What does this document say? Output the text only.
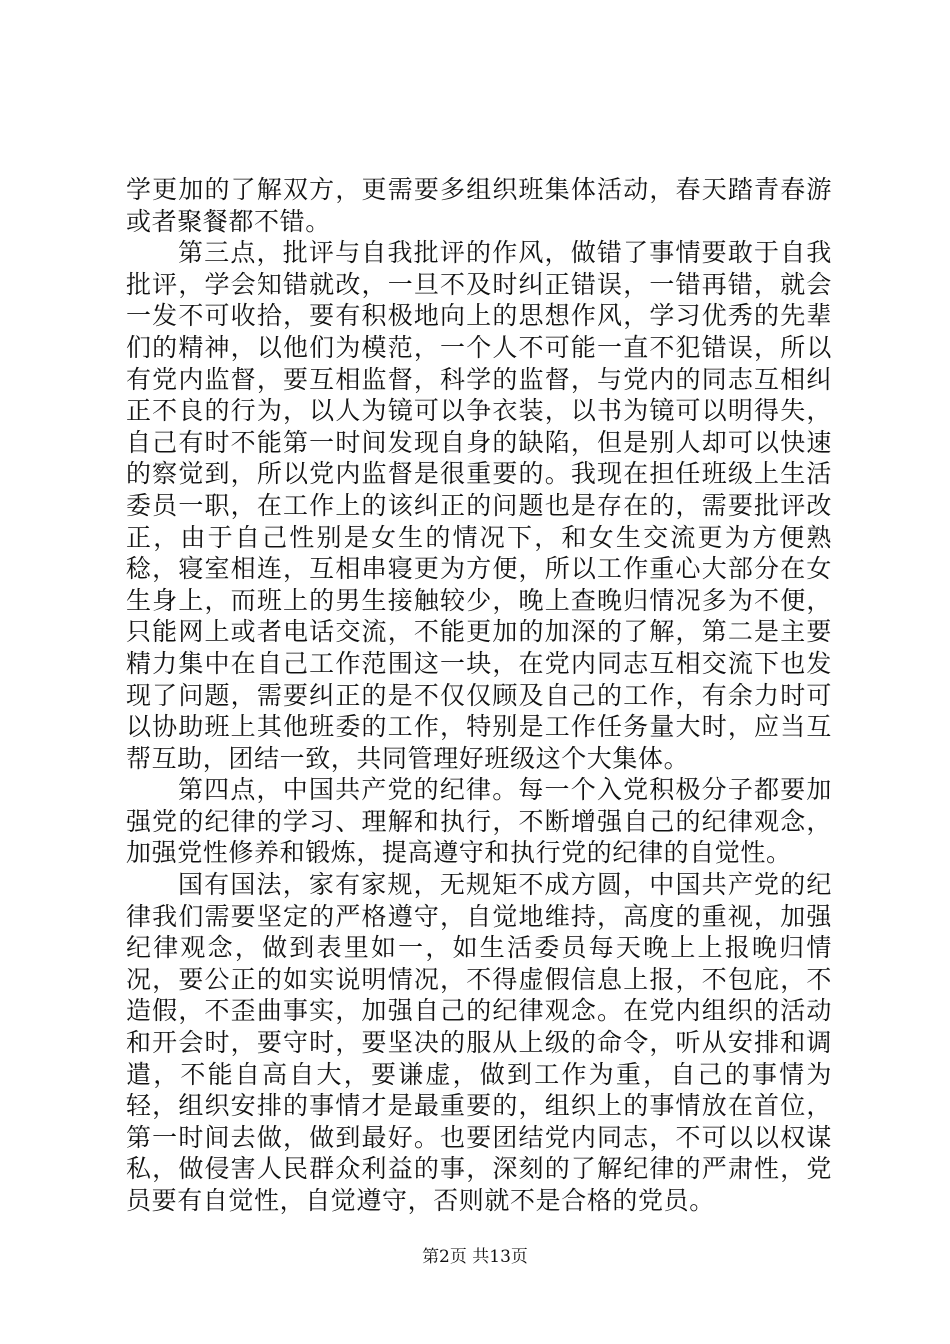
学更加的了解双方，更需要多组织班集体活动，春天踏青春游或者聚餐都不错。

第三点，批评与自我批评的作风，做错了事情要敢于自我批评，学会知错就改，一旦不及时纠正错误，一错再错，就会一发不可收拾，要有积极地向上的思想作风，学习优秀的先辈们的精神，以他们为模范，一个人不可能一直不犯错误，所以有党内监督，要互相监督，科学的监督，与党内的同志互相纠正不良的行为，以人为镜可以争衣装，以书为镜可以明得失，自己有时不能第一时间发现自身的缺陷，但是别人却可以快速的察觉到，所以党内监督是很重要的。我现在担任班级上生活委员一职，在工作上的该纠正的问题也是存在的，需要批评改正，由于自己性别是女生的情况下，和女生交流更为方便熟稔，寝室相连，互相串寝更为方便，所以工作重心大部分在女生身上，而班上的男生接触较少，晚上查晚归情况多为不便，只能网上或者电话交流，不能更加的加深的了解，第二是主要精力集中在自己工作范围这一块，在党内同志互相交流下也发现了问题，需要纠正的是不仅仅顾及自己的工作，有余力时可以协助班上其他班委的工作，特别是工作任务量大时，应当互帮互助，团结一致，共同管理好班级这个大集体。

第四点，中国共产党的纪律。每一个入党积极分子都要加强党的纪律的学习、理解和执行，不断增强自己的纪律观念，加强党性修养和锻炼，提高遵守和执行党的纪律的自觉性。

国有国法，家有家规，无规矩不成方圆，中国共产党的纪律我们需要坚定的严格遵守，自觉地维持，高度的重视，加强纪律观念，做到表里如一，如生活委员每天晚上上报晚归情况，要公正的如实说明情况，不得虚假信息上报，不包庇，不造假，不歪曲事实，加强自己的纪律观念。在党内组织的活动和开会时，要守时，要坚决的服从上级的命令，听从安排和调遣，不能自高自大，要谦虚，做到工作为重，自己的事情为轻，组织安排的事情才是最重要的，组织上的事情放在首位，第一时间去做，做到最好。也要团结党内同志，不可以以权谋私，做侵害人民群众利益的事，深刻的了解纪律的严肃性，党员要有自觉性，自觉遵守，否则就不是合格的党员。

第2页 共13页
